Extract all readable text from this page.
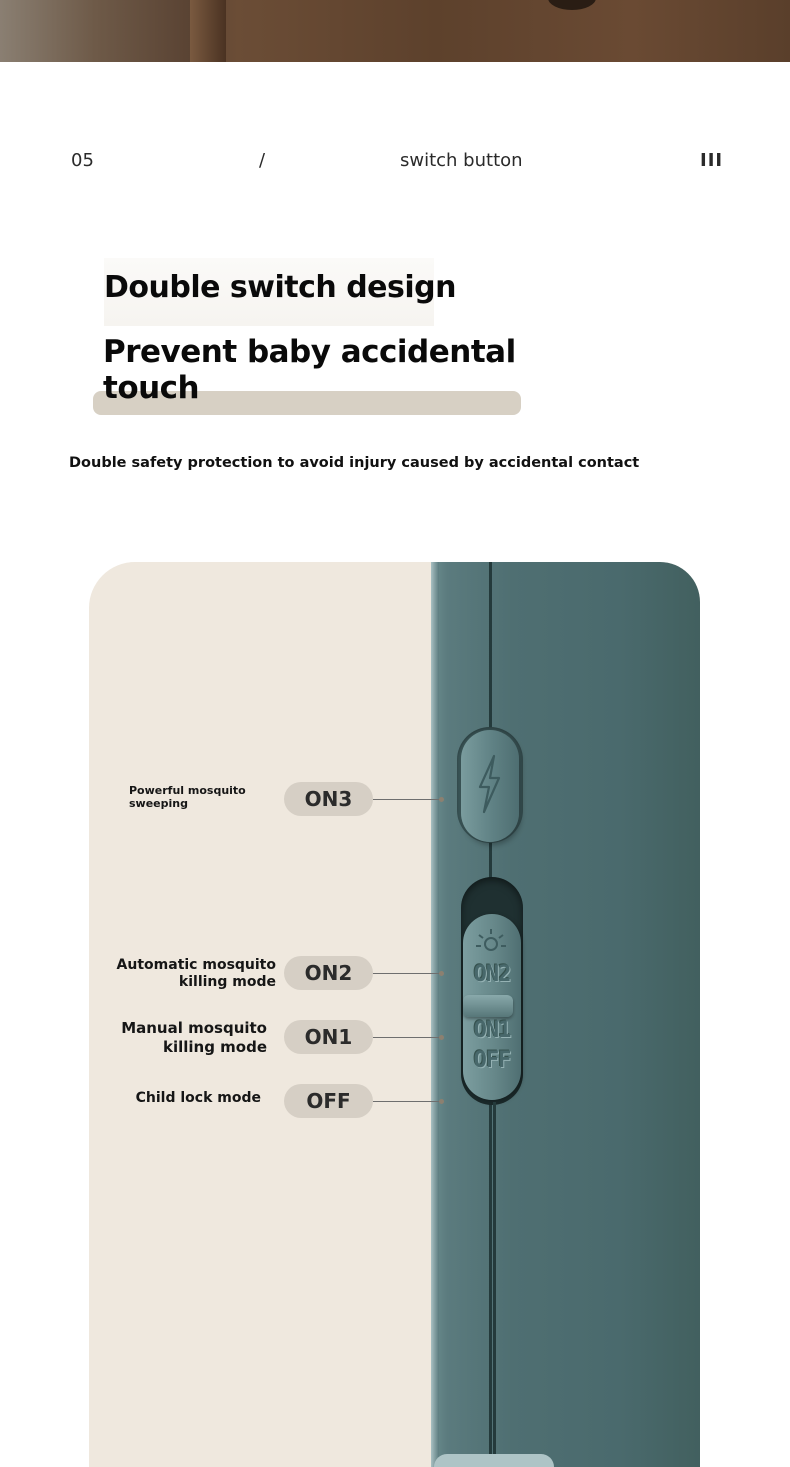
05	/	switch button	III
Double switch design
Prevent baby accidental touch
Double safety protection to avoid injury caused by accidental contact
ON2
ON1
OFF
Powerful mosquito sweeping	ON3
Automatic mosquito killing mode	ON2
Manual mosquito killing mode	ON1
Child lock mode	OFF
